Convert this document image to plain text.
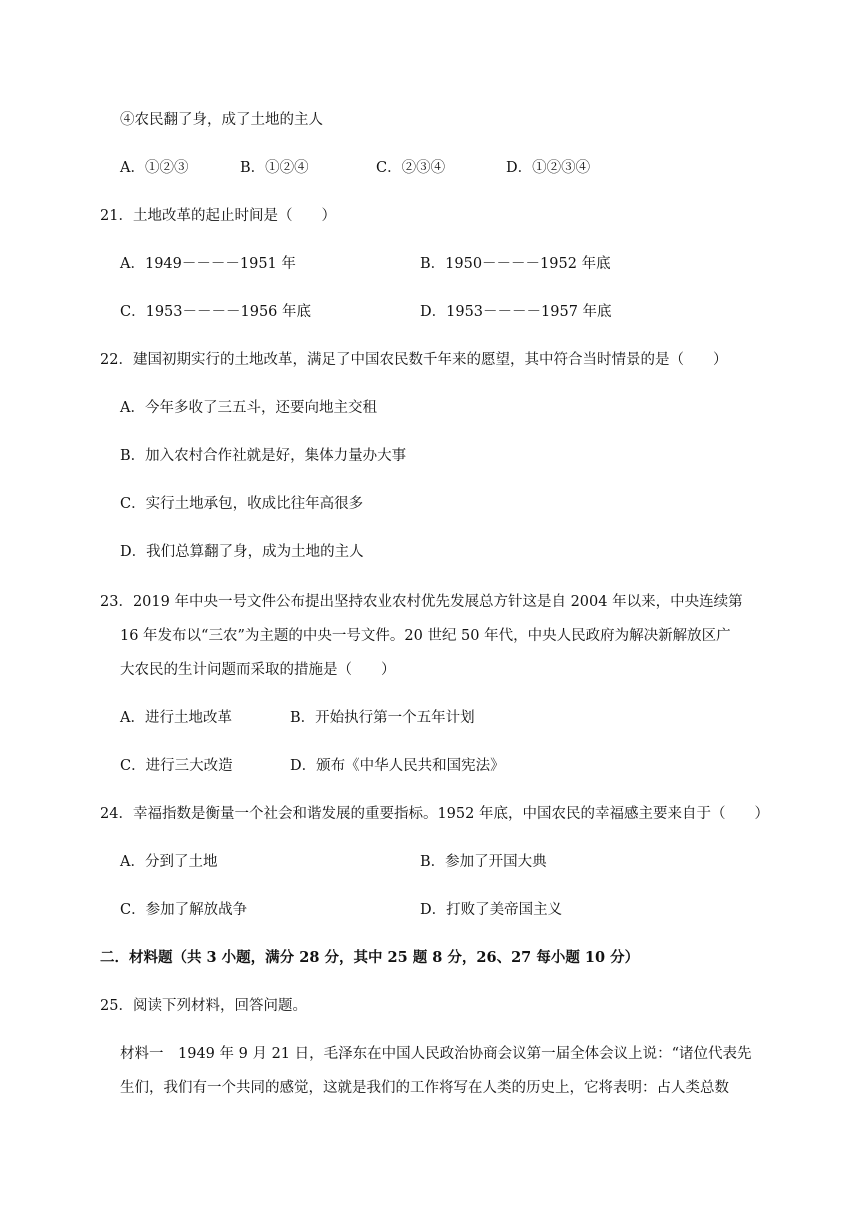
④农民翻了身，成了土地的主人
A．①②③	B．①②④	C．②③④	D．①②③④
21．土地改革的起止时间是（　　）
A．1949－－－－1951 年	B．1950－－－－1952 年底
C．1953－－－－1956 年底	D．1953－－－－1957 年底
22．建国初期实行的土地改革，满足了中国农民数千年来的愿望，其中符合当时情景的是（　　）
A．今年多收了三五斗，还要向地主交租
B．加入农村合作社就是好，集体力量办大事
C．实行土地承包，收成比往年高很多
D．我们总算翻了身，成为土地的主人
23．2019 年中央一号文件公布提出坚持农业农村优先发展总方针这是自 2004 年以来，中央连续第
16 年发布以“三农”为主题的中央一号文件。20 世纪 50 年代，中央人民政府为解决新解放区广
大农民的生计问题而采取的措施是（　　）
A．进行土地改革	B．开始执行第一个五年计划
C．进行三大改造	D．颁布《中华人民共和国宪法》
24．幸福指数是衡量一个社会和谐发展的重要指标。1952 年底，中国农民的幸福感主要来自于（　　）
A．分到了土地	B．参加了开国大典
C．参加了解放战争	D．打败了美帝国主义
二．材料题（共 3 小题，满分 28 分，其中 25 题 8 分，26、27 每小题 10 分）
25．阅读下列材料，回答问题。
材料一　1949 年 9 月 21 日，毛泽东在中国人民政治协商会议第一届全体会议上说：“诸位代表先
生们，我们有一个共同的感觉，这就是我们的工作将写在人类的历史上，它将表明：占人类总数
